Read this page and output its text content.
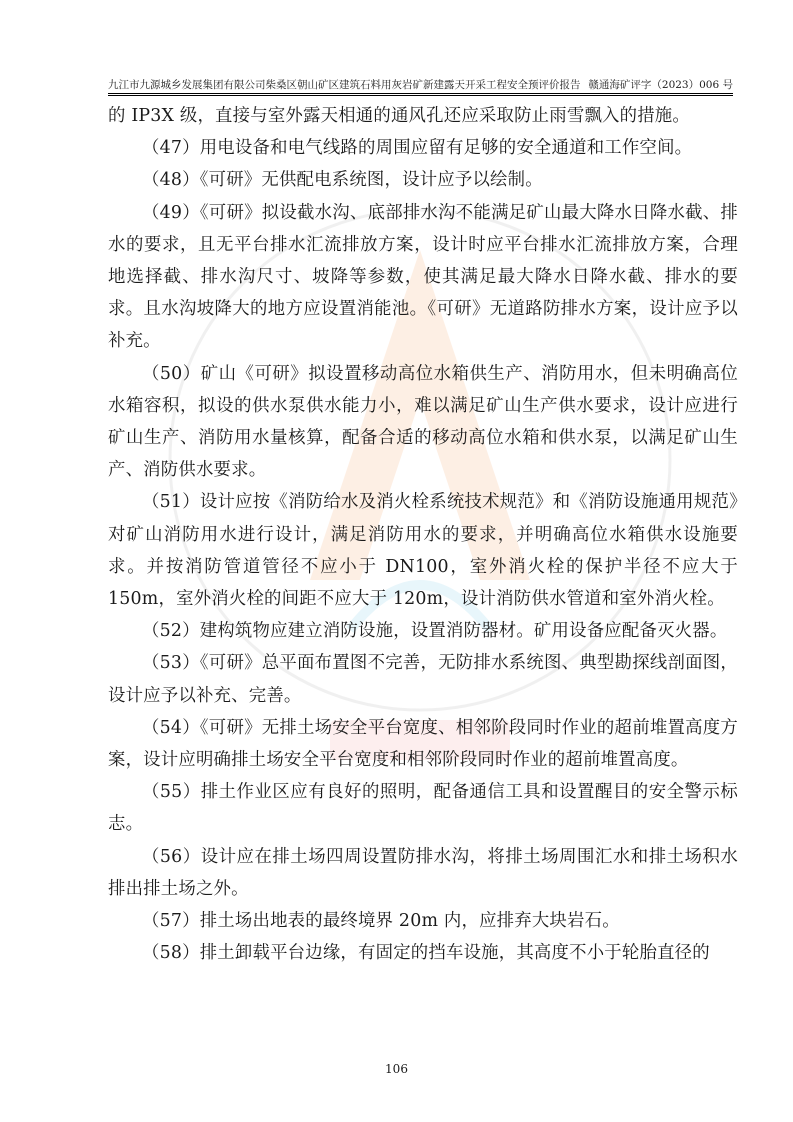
九江市九源城乡发展集团有限公司柴桑区朝山矿区建筑石料用灰岩矿新建露天开采工程安全预评价报告 赣通海矿评字（2023）006 号

的 IP3X 级，直接与室外露天相通的通风孔还应采取防止雨雪飘入的措施。

（47）用电设备和电气线路的周围应留有足够的安全通道和工作空间。

（48）《可研》无供配电系统图，设计应予以绘制。

（49）《可研》拟设截水沟、底部排水沟不能满足矿山最大降水日降水截、排水的要求，且无平台排水汇流排放方案，设计时应平台排水汇流排放方案，合理地选择截、排水沟尺寸、坡降等参数，使其满足最大降水日降水截、排水的要求。且水沟坡降大的地方应设置消能池。《可研》无道路防排水方案，设计应予以补充。

（50）矿山《可研》拟设置移动高位水箱供生产、消防用水，但未明确高位水箱容积，拟设的供水泵供水能力小，难以满足矿山生产供水要求，设计应进行矿山生产、消防用水量核算，配备合适的移动高位水箱和供水泵，以满足矿山生产、消防供水要求。

（51）设计应按《消防给水及消火栓系统技术规范》和《消防设施通用规范》对矿山消防用水进行设计，满足消防用水的要求，并明确高位水箱供水设施要求。并按消防管道管径不应小于 DN100，室外消火栓的保护半径不应大于 150m，室外消火栓的间距不应大于 120m，设计消防供水管道和室外消火栓。

（52）建构筑物应建立消防设施，设置消防器材。矿用设备应配备灭火器。

（53）《可研》总平面布置图不完善，无防排水系统图、典型勘探线剖面图，设计应予以补充、完善。

（54）《可研》无排土场安全平台宽度、相邻阶段同时作业的超前堆置高度方案，设计应明确排土场安全平台宽度和相邻阶段同时作业的超前堆置高度。

（55）排土作业区应有良好的照明，配备通信工具和设置醒目的安全警示标志。

（56）设计应在排土场四周设置防排水沟，将排土场周围汇水和排土场积水排出排土场之外。

（57）排土场出地表的最终境界 20m 内，应排弃大块岩石。

（58）排土卸载平台边缘，有固定的挡车设施，其高度不小于轮胎直径的

106
